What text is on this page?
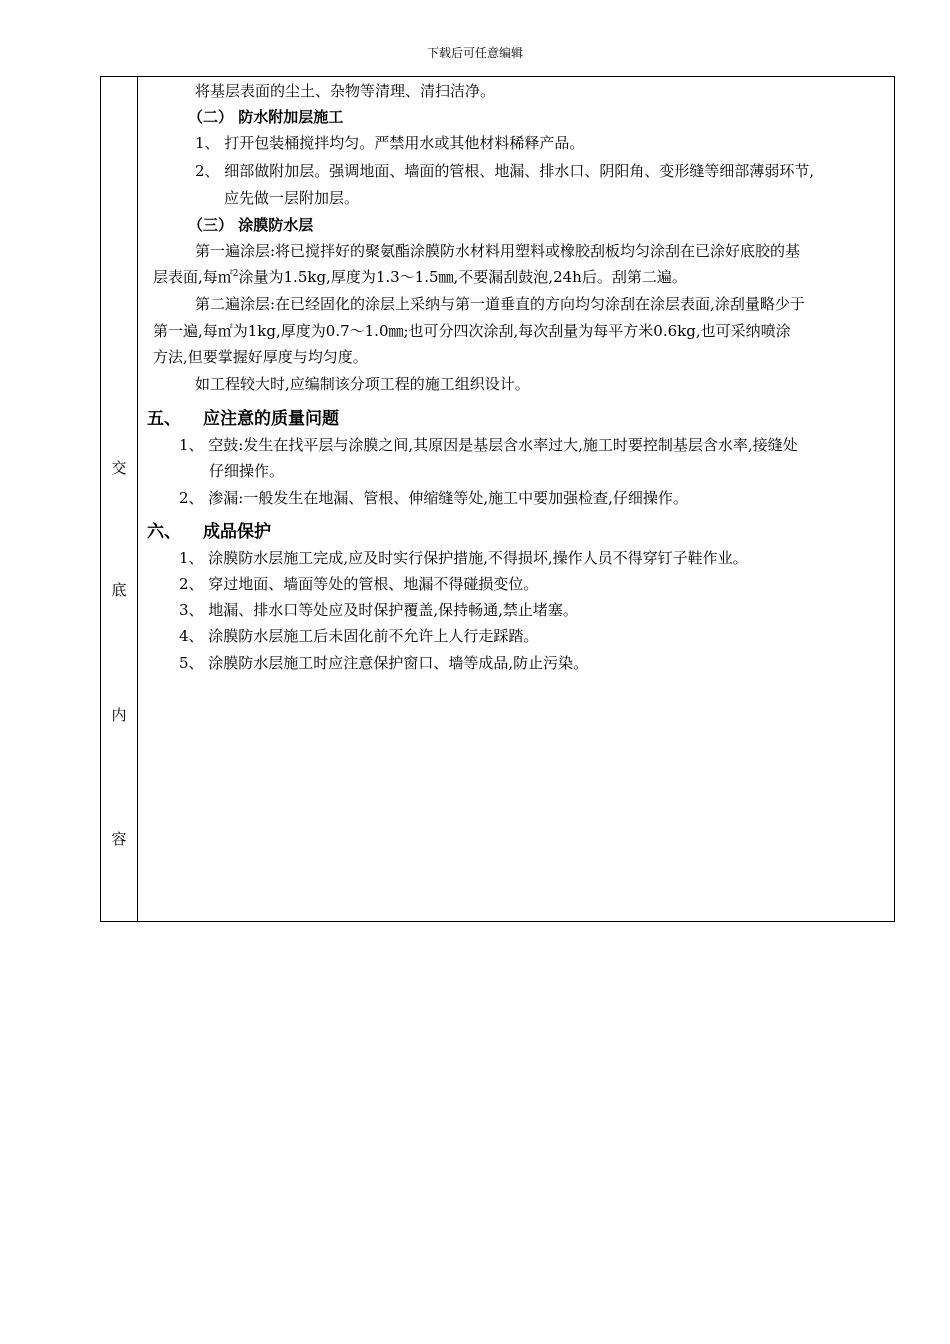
下载后可任意编辑
交
底
内
容
将基层表面的尘土、杂物等清理、清扫洁净。
（二） 防水附加层施工
1、 打开包装桶搅拌均匀。严禁用水或其他材料稀释产品。
2、 细部做附加层。强调地面、墙面的管根、地漏、排水口、阴阳角、变形缝等细部薄弱环节,
应先做一层附加层。
（三） 涂膜防水层
第一遍涂层:将已搅拌好的聚氨酯涂膜防水材料用塑料或橡胶刮板均匀涂刮在已涂好底胶的基
层表面,每㎡$^2$涂量为1.5kg,厚度为1.3～1.5㎜,不要漏刮鼓泡,24h后。刮第二遍。
第二遍涂层:在已经固化的涂层上采纳与第一道垂直的方向均匀涂刮在涂层表面,涂刮量略少于
第一遍,每㎡为1kg,厚度为0.7～1.0㎜;也可分四次涂刮,每次刮量为每平方米0.6kg,也可采纳喷涂
方法,但要掌握好厚度与均匀度。
如工程较大时,应编制该分项工程的施工组织设计。
五、 应注意的质量问题
1、 空鼓:发生在找平层与涂膜之间,其原因是基层含水率过大,施工时要控制基层含水率,接缝处
仔细操作。
2、 渗漏:一般发生在地漏、管根、伸缩缝等处,施工中要加强检查,仔细操作。
六、 成品保护
1、 涂膜防水层施工完成,应及时实行保护措施,不得损坏,操作人员不得穿钉子鞋作业。
2、 穿过地面、墙面等处的管根、地漏不得碰损变位。
3、 地漏、排水口等处应及时保护覆盖,保持畅通,禁止堵塞。
4、 涂膜防水层施工后未固化前不允许上人行走踩踏。
5、 涂膜防水层施工时应注意保护窗口、墙等成品,防止污染。
